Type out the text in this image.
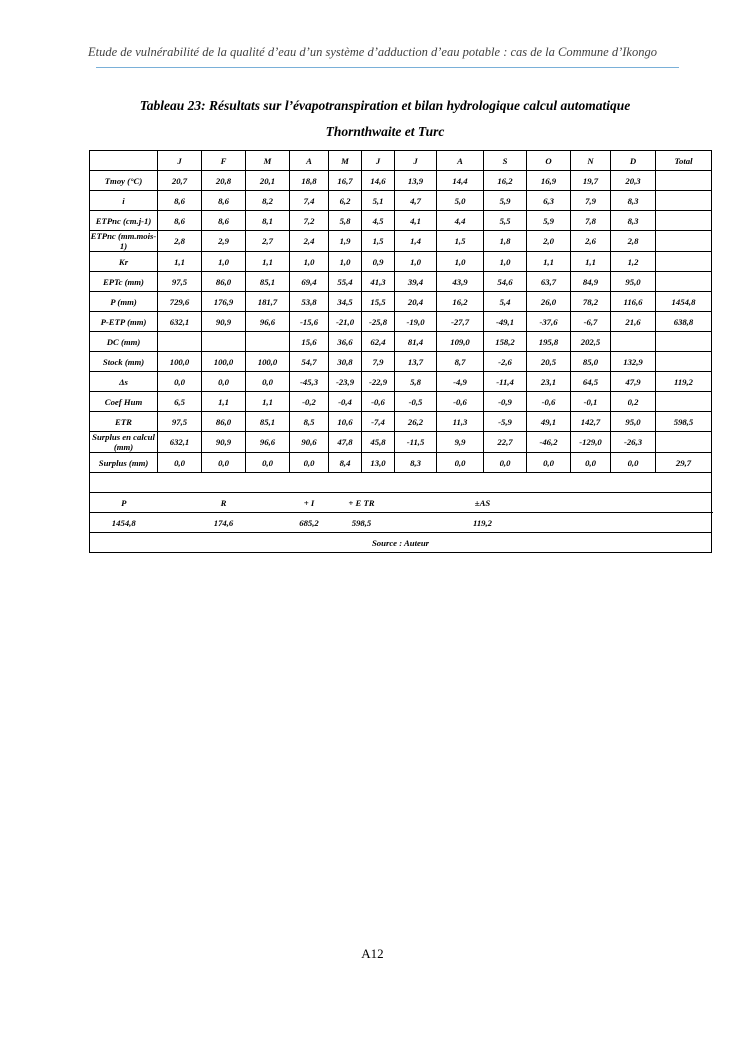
Etude de vulnérabilité de la qualité d’eau d’un système d’adduction d’eau potable : cas de la Commune d’Ikongo
Tableau 23: Résultats sur l’évapotranspiration et bilan hydrologique calcul automatique
Thornthwaite et Turc
	J	F	M	A	M	J	J	A	S	O	N	D	Total
Tmoy (°C)	20,7	20,8	20,1	18,8	16,7	14,6	13,9	14,4	16,2	16,9	19,7	20,3	
i	8,6	8,6	8,2	7,4	6,2	5,1	4,7	5,0	5,9	6,3	7,9	8,3	
ETPnc (cm.j-1)	8,6	8,6	8,1	7,2	5,8	4,5	4,1	4,4	5,5	5,9	7,8	8,3	
ETPnc (mm.mois-1)	2,8	2,9	2,7	2,4	1,9	1,5	1,4	1,5	1,8	2,0	2,6	2,8	
Kr	1,1	1,0	1,1	1,0	1,0	0,9	1,0	1,0	1,0	1,1	1,1	1,2	
EPTc (mm)	97,5	86,0	85,1	69,4	55,4	41,3	39,4	43,9	54,6	63,7	84,9	95,0	
P (mm)	729,6	176,9	181,7	53,8	34,5	15,5	20,4	16,2	5,4	26,0	78,2	116,6	1454,8
P-ETP (mm)	632,1	90,9	96,6	-15,6	-21,0	-25,8	-19,0	-27,7	-49,1	-37,6	-6,7	21,6	638,8
DC (mm)				15,6	36,6	62,4	81,4	109,0	158,2	195,8	202,5		
Stock (mm)	100,0	100,0	100,0	54,7	30,8	7,9	13,7	8,7	-2,6	20,5	85,0	132,9	
Δs	0,0	0,0	0,0	-45,3	-23,9	-22,9	5,8	-4,9	-11,4	23,1	64,5	47,9	119,2
Coef Hum	6,5	1,1	1,1	-0,2	-0,4	-0,6	-0,5	-0,6	-0,9	-0,6	-0,1	0,2	
ETR	97,5	86,0	85,1	8,5	10,6	-7,4	26,2	11,3	-5,9	49,1	142,7	95,0	598,5
Surplus en calcul (mm)	632,1	90,9	96,6	90,6	47,8	45,8	-11,5	9,9	22,7	-46,2	-129,0	-26,3	
Surplus (mm)	0,0	0,0	0,0	0,0	8,4	13,0	8,3	0,0	0,0	0,0	0,0	0,0	29,7

P	R			+ I	+ E TR		±AS						
1454,8	174,6			685,2	598,5		119,2						
Source : Auteur													
A12
